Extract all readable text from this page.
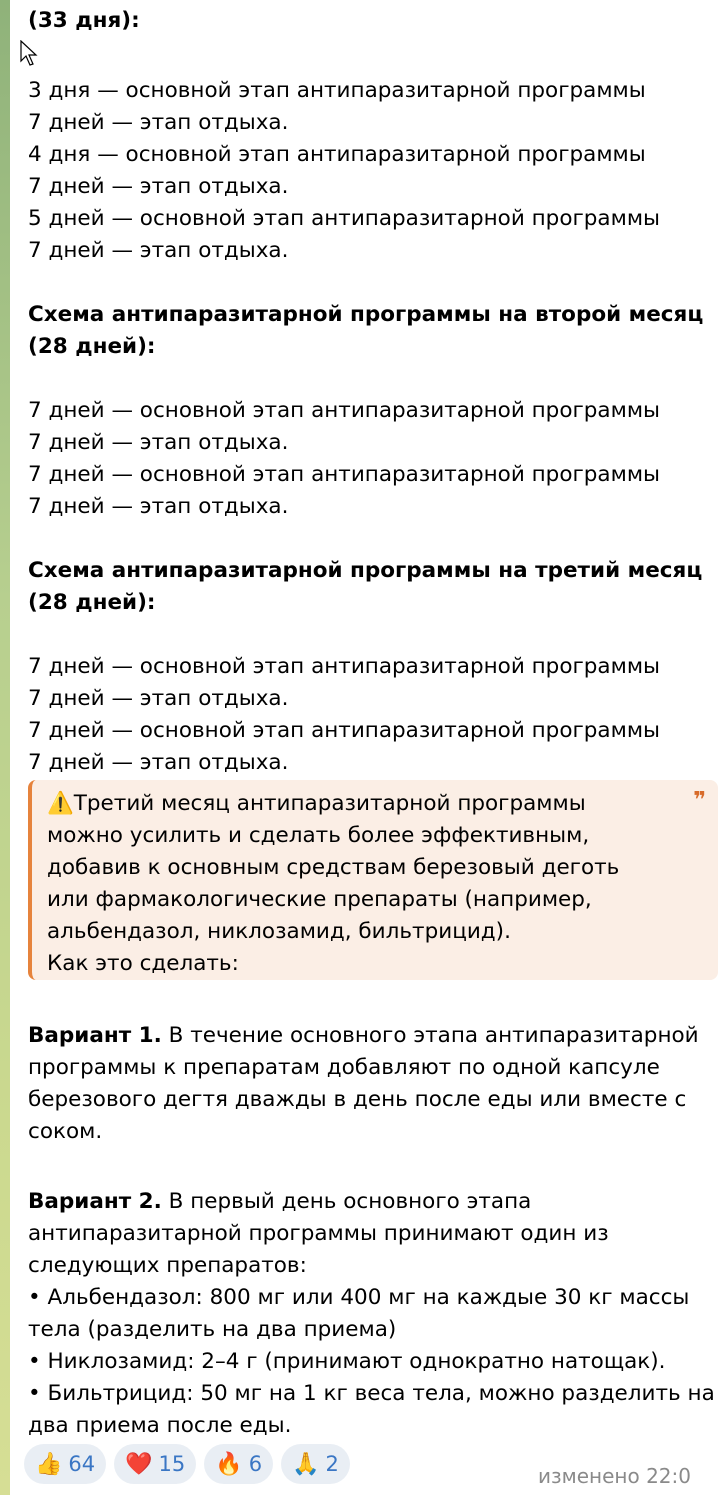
(33 дня):

3 дня — основной этап антипаразитарной программы

7 дней — этап отдыха.

4 дня — основной этап антипаразитарной программы

7 дней — этап отдыха.

5 дней — основной этап антипаразитарной программы

7 дней — этап отдыха.

Схема антипаразитарной программы на второй месяц

(28 дней):

7 дней — основной этап антипаразитарной программы

7 дней — этап отдыха.

7 дней — основной этап антипаразитарной программы

7 дней — этап отдыха.

Схема антипаразитарной программы на третий месяц

(28 дней):

7 дней — основной этап антипаразитарной программы

7 дней — этап отдыха.

7 дней — основной этап антипаразитарной программы

7 дней — этап отдыха.

❞

⚠️Третий месяц антипаразитарной программы

можно усилить и сделать более эффективным,

добавив к основным средствам березовый деготь

или фармакологические препараты (например,

альбендазол, никлозамид, бильтрицид).

Как это сделать:

Вариант 1. В течение основного этапа антипаразитарной

программы к препаратам добавляют по одной капсуле

березового дегтя дважды в день после еды или вместе с

соком.

Вариант 2. В первый день основного этапа

антипаразитарной программы принимают один из

следующих препаратов:

• Альбендазол: 800 мг или 400 мг на каждые 30 кг массы

тела (разделить на два приема)

• Никлозамид: 2–4 г (принимают однократно натощак).

• Бильтрицид: 50 мг на 1 кг веса тела, можно разделить на

два приема после еды.

👍 64 ❤️ 15 🔥 6 🙏 2	изменено 22:0
